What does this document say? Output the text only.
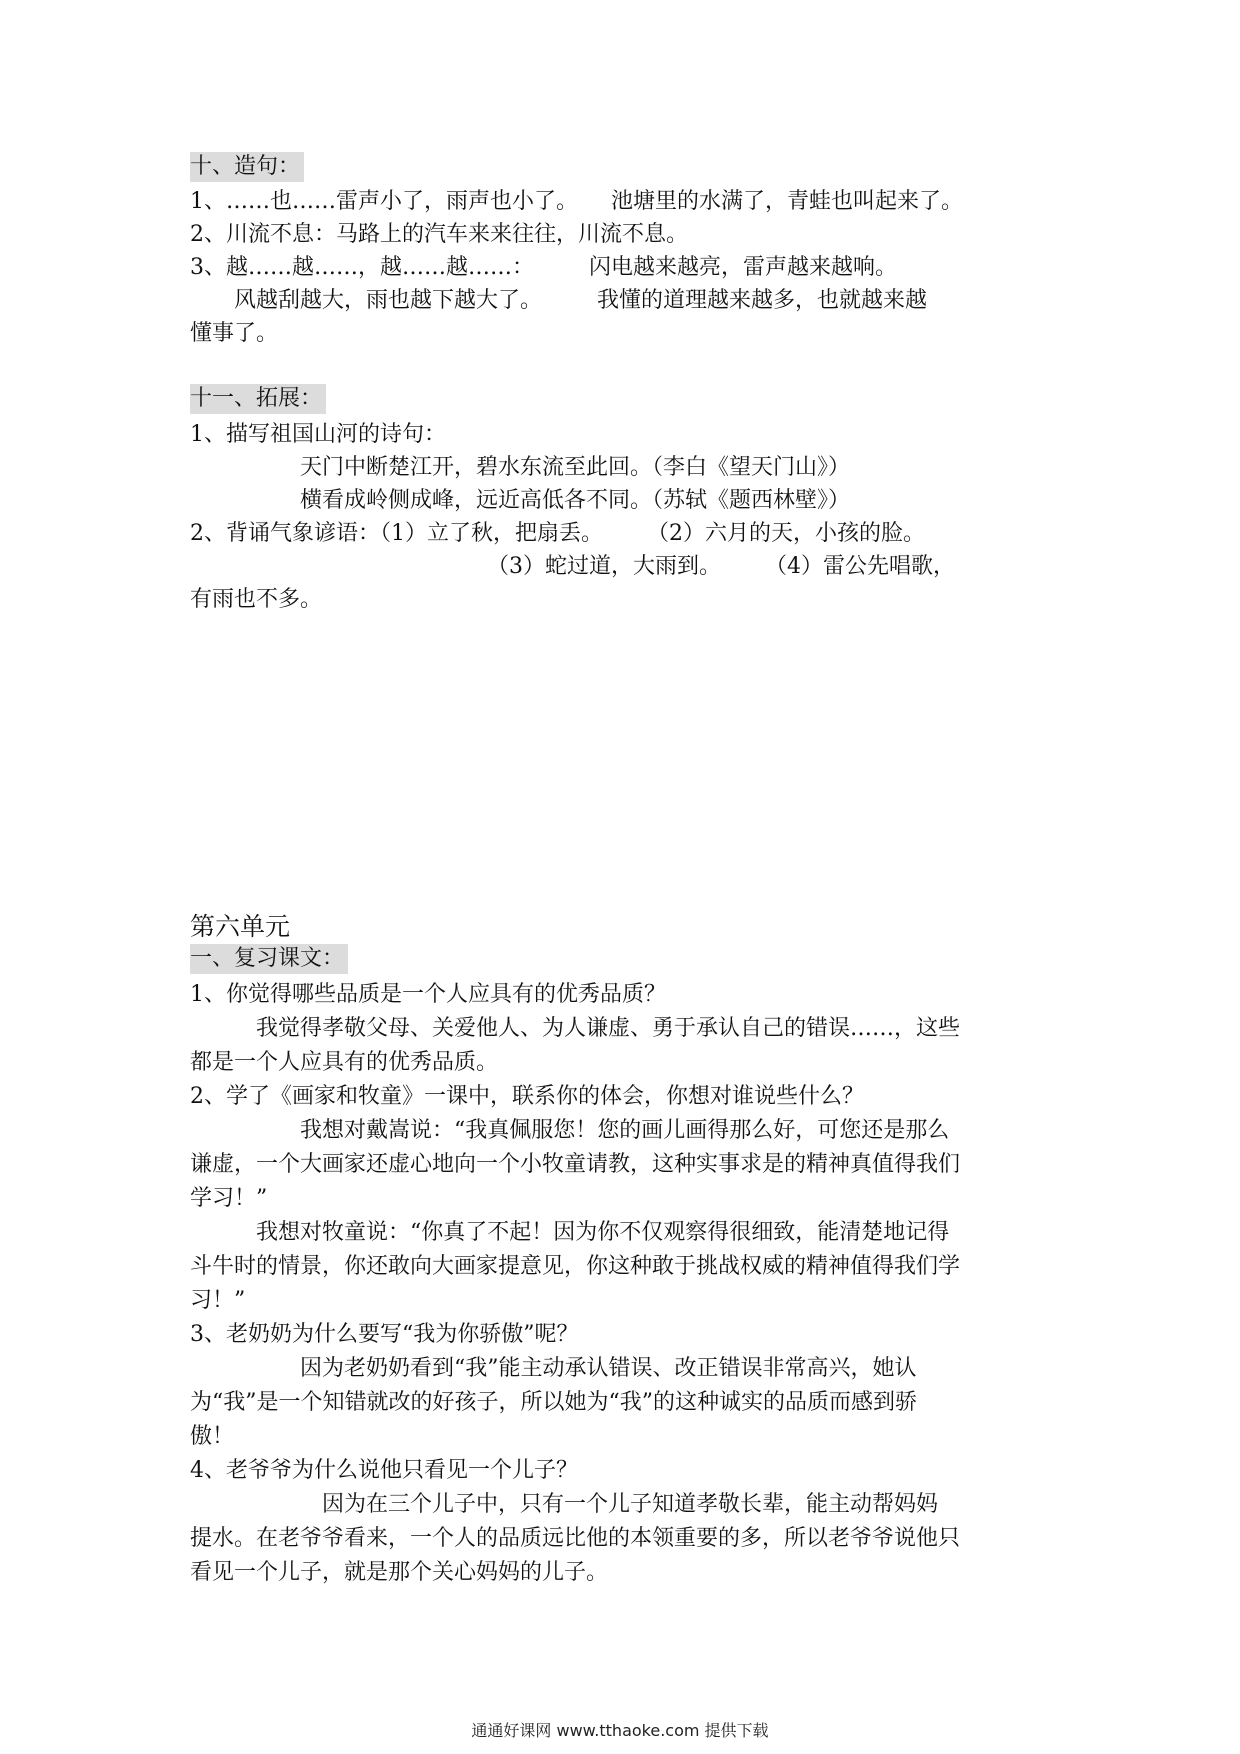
十、造句：
1、……也……雷声小了，雨声也小了。　　池塘里的水满了，青蛙也叫起来了。
2、川流不息：马路上的汽车来来往往，川流不息。
3、越……越……，越……越……：　　　闪电越来越亮，雷声越来越响。
　　风越刮越大，雨也越下越大了。　　　我懂的道理越来越多，也就越来越
懂事了。
十一、拓展：
1、描写祖国山河的诗句：
　　　　　天门中断楚江开，碧水东流至此回。（李白《望天门山》）
　　　　　横看成岭侧成峰，远近高低各不同。（苏轼《题西林壁》）
2、背诵气象谚语：（1）立了秋，把扇丢。　　　（2）六月的天，小孩的脸。
　　　　　　　　　　　　　　（3）蛇过道，大雨到。　　　（4）雷公先唱歌，
有雨也不多。
第六单元
一、复习课文：
1、你觉得哪些品质是一个人应具有的优秀品质？
　　　我觉得孝敬父母、关爱他人、为人谦虚、勇于承认自己的错误……，这些
都是一个人应具有的优秀品质。
2、学了《画家和牧童》一课中，联系你的体会，你想对谁说些什么？
　　　　　我想对戴嵩说：“我真佩服您！您的画儿画得那么好，可您还是那么
谦虚，一个大画家还虚心地向一个小牧童请教，这种实事求是的精神真值得我们
学习！”
　　　我想对牧童说：“你真了不起！因为你不仅观察得很细致，能清楚地记得
斗牛时的情景，你还敢向大画家提意见，你这种敢于挑战权威的精神值得我们学
习！”
3、老奶奶为什么要写“我为你骄傲”呢？
　　　　　因为老奶奶看到“我”能主动承认错误、改正错误非常高兴，她认
为“我”是一个知错就改的好孩子，所以她为“我”的这种诚实的品质而感到骄
傲！
4、老爷爷为什么说他只看见一个儿子？
　　　　　　因为在三个儿子中，只有一个儿子知道孝敬长辈，能主动帮妈妈
提水。在老爷爷看来，一个人的品质远比他的本领重要的多，所以老爷爷说他只
看见一个儿子，就是那个关心妈妈的儿子。
通通好课网 www.tthaoke.com 提供下载
